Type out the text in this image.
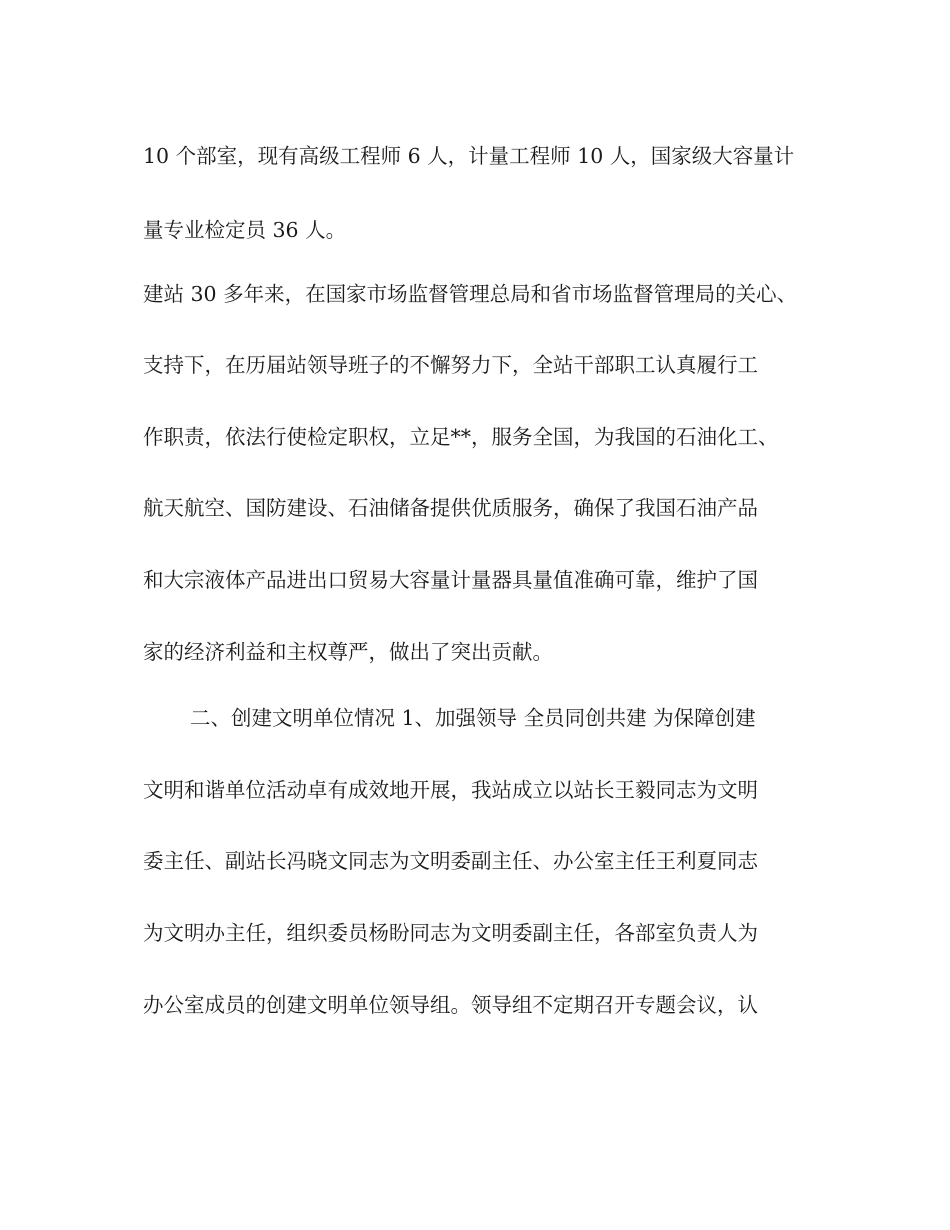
10 个部室，现有高级工程师 6 人，计量工程师 10 人，国家级大容量计
量专业检定员 36 人。
建站 30 多年来，在国家市场监督管理总局和省市场监督管理局的关心、
支持下，在历届站领导班子的不懈努力下，全站干部职工认真履行工
作职责，依法行使检定职权，立足**，服务全国，为我国的石油化工、
航天航空、国防建设、石油储备提供优质服务，确保了我国石油产品
和大宗液体产品进出口贸易大容量计量器具量值准确可靠，维护了国
家的经济利益和主权尊严，做出了突出贡献。
二、创建文明单位情况 1、加强领导 全员同创共建 为保障创建
文明和谐单位活动卓有成效地开展，我站成立以站长王毅同志为文明
委主任、副站长冯晓文同志为文明委副主任、办公室主任王利夏同志
为文明办主任，组织委员杨盼同志为文明委副主任，各部室负责人为
办公室成员的创建文明单位领导组。领导组不定期召开专题会议，认
